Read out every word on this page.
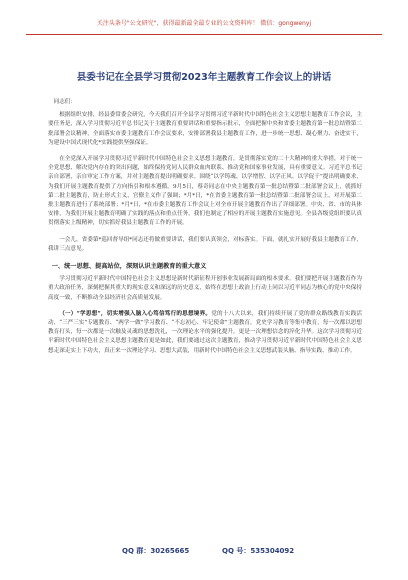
关注头条号"公文研究"，获得最新最全最专业的公文资料库！ 微信：gongwenyj
县委书记在全县学习贯彻2023年主题教育工作会议上的讲话

同志们：

根据组织安排，经县委常委会研究，今天我们召开全县学习贯彻习近平新时代中国特色社会主义思想主题教育工作会议，主要任务是，深入学习贯彻习近平总书记关于主题教育重要讲话和重要指示批示，全面把握中央和省委主题教育第一批总结暨第二批部署会议精神，全面落实市委主题教育工作会议要求，安排部署我县主题教育工作，进一步统一思想、凝心聚力、奋进实干，为建设中国式现代化*实践提供坚强保证。

在全党深入开展学习贯彻习近平新时代中国特色社会主义思想主题教育，是贯彻落实党的二十大精神的重大举措，对于统一全党思想、解决党内存在的突出问题，始终保持党同人民群众血肉联系、推动党和国家事业发展，具有重要意义。习近平总书记亲自部署，亲自审定工作方案，并对主题教育提出明确要求。围绕“以学铸魂、以学增智、以学正风、以学促干”提出明确要求，为我们开展主题教育提供了方向指引和根本遵循。9月5日，蔡奇同志在中央主题教育第一批总结暨第二批部署会议上，就抓好第二批主题教育，防止形式主义，官僚主义作了强调；*月*日，*在省委主题教育第一批总结暨第二批部署会议上，对开展第二批主题教育进行了系统部署；*月*日，*在市委主题教育工作会议上对全市开展主题教育作出了详细部署。中央、省、市的具体安排，为我们开展主题教育明确了实践的落点和重点任务，我们也制定了相应的开展主题教育实施意见。全县各级党组织要认真贯彻落实上级精神，切实抓好我县主题教育工作的开展。

一会儿，省委第*巡回督导组*同志还将做重要讲话，我们要认真领会，对标落实。下面，就扎实开展好我县主题教育工作，我讲三点意见。

一、统一思想、提高站位，深刻认识主题教育的重大意义

学习贯彻习近平新时代中国特色社会主义思想是新时代新征程开创事业发展新局面的根本要求。我们要把开展主题教育作为重大政治任务，深刻把握其重大的现实意义和深远的历史意义，始终在思想上政治上行动上同以习近平同志为核心的党中央保持高度一致，不断推动全县经济社会高质量发展。

（一）“学思想”，切实增强入脑入心笃信笃行的思想境界。党的十八大以来，我们持续开展了党的群众路线教育实践活动、“三严三实”专题教育、“两学一做”学习教育、“不忘初心、牢记使命”主题教育，党史学习教育等集中教育，每一次都以思想教育打头，每一次都是一次触及灵魂的思想洗礼，一次理论水平的强化提升，更是一次理想信念的淬化升华。这次学习贯彻习近平新时代中国特色社会主义思想主题教育更是如此，我们要通过这次主题教育，推动学习贯彻习近平新时代中国特色社会主义思想走深走实上下功夫，真正来一次理论学习、思想大武装，用新时代中国特色社会主义思想武装头脑、指导实践、推动工作。

QQ 群：30265665	QQ 号：535304092
